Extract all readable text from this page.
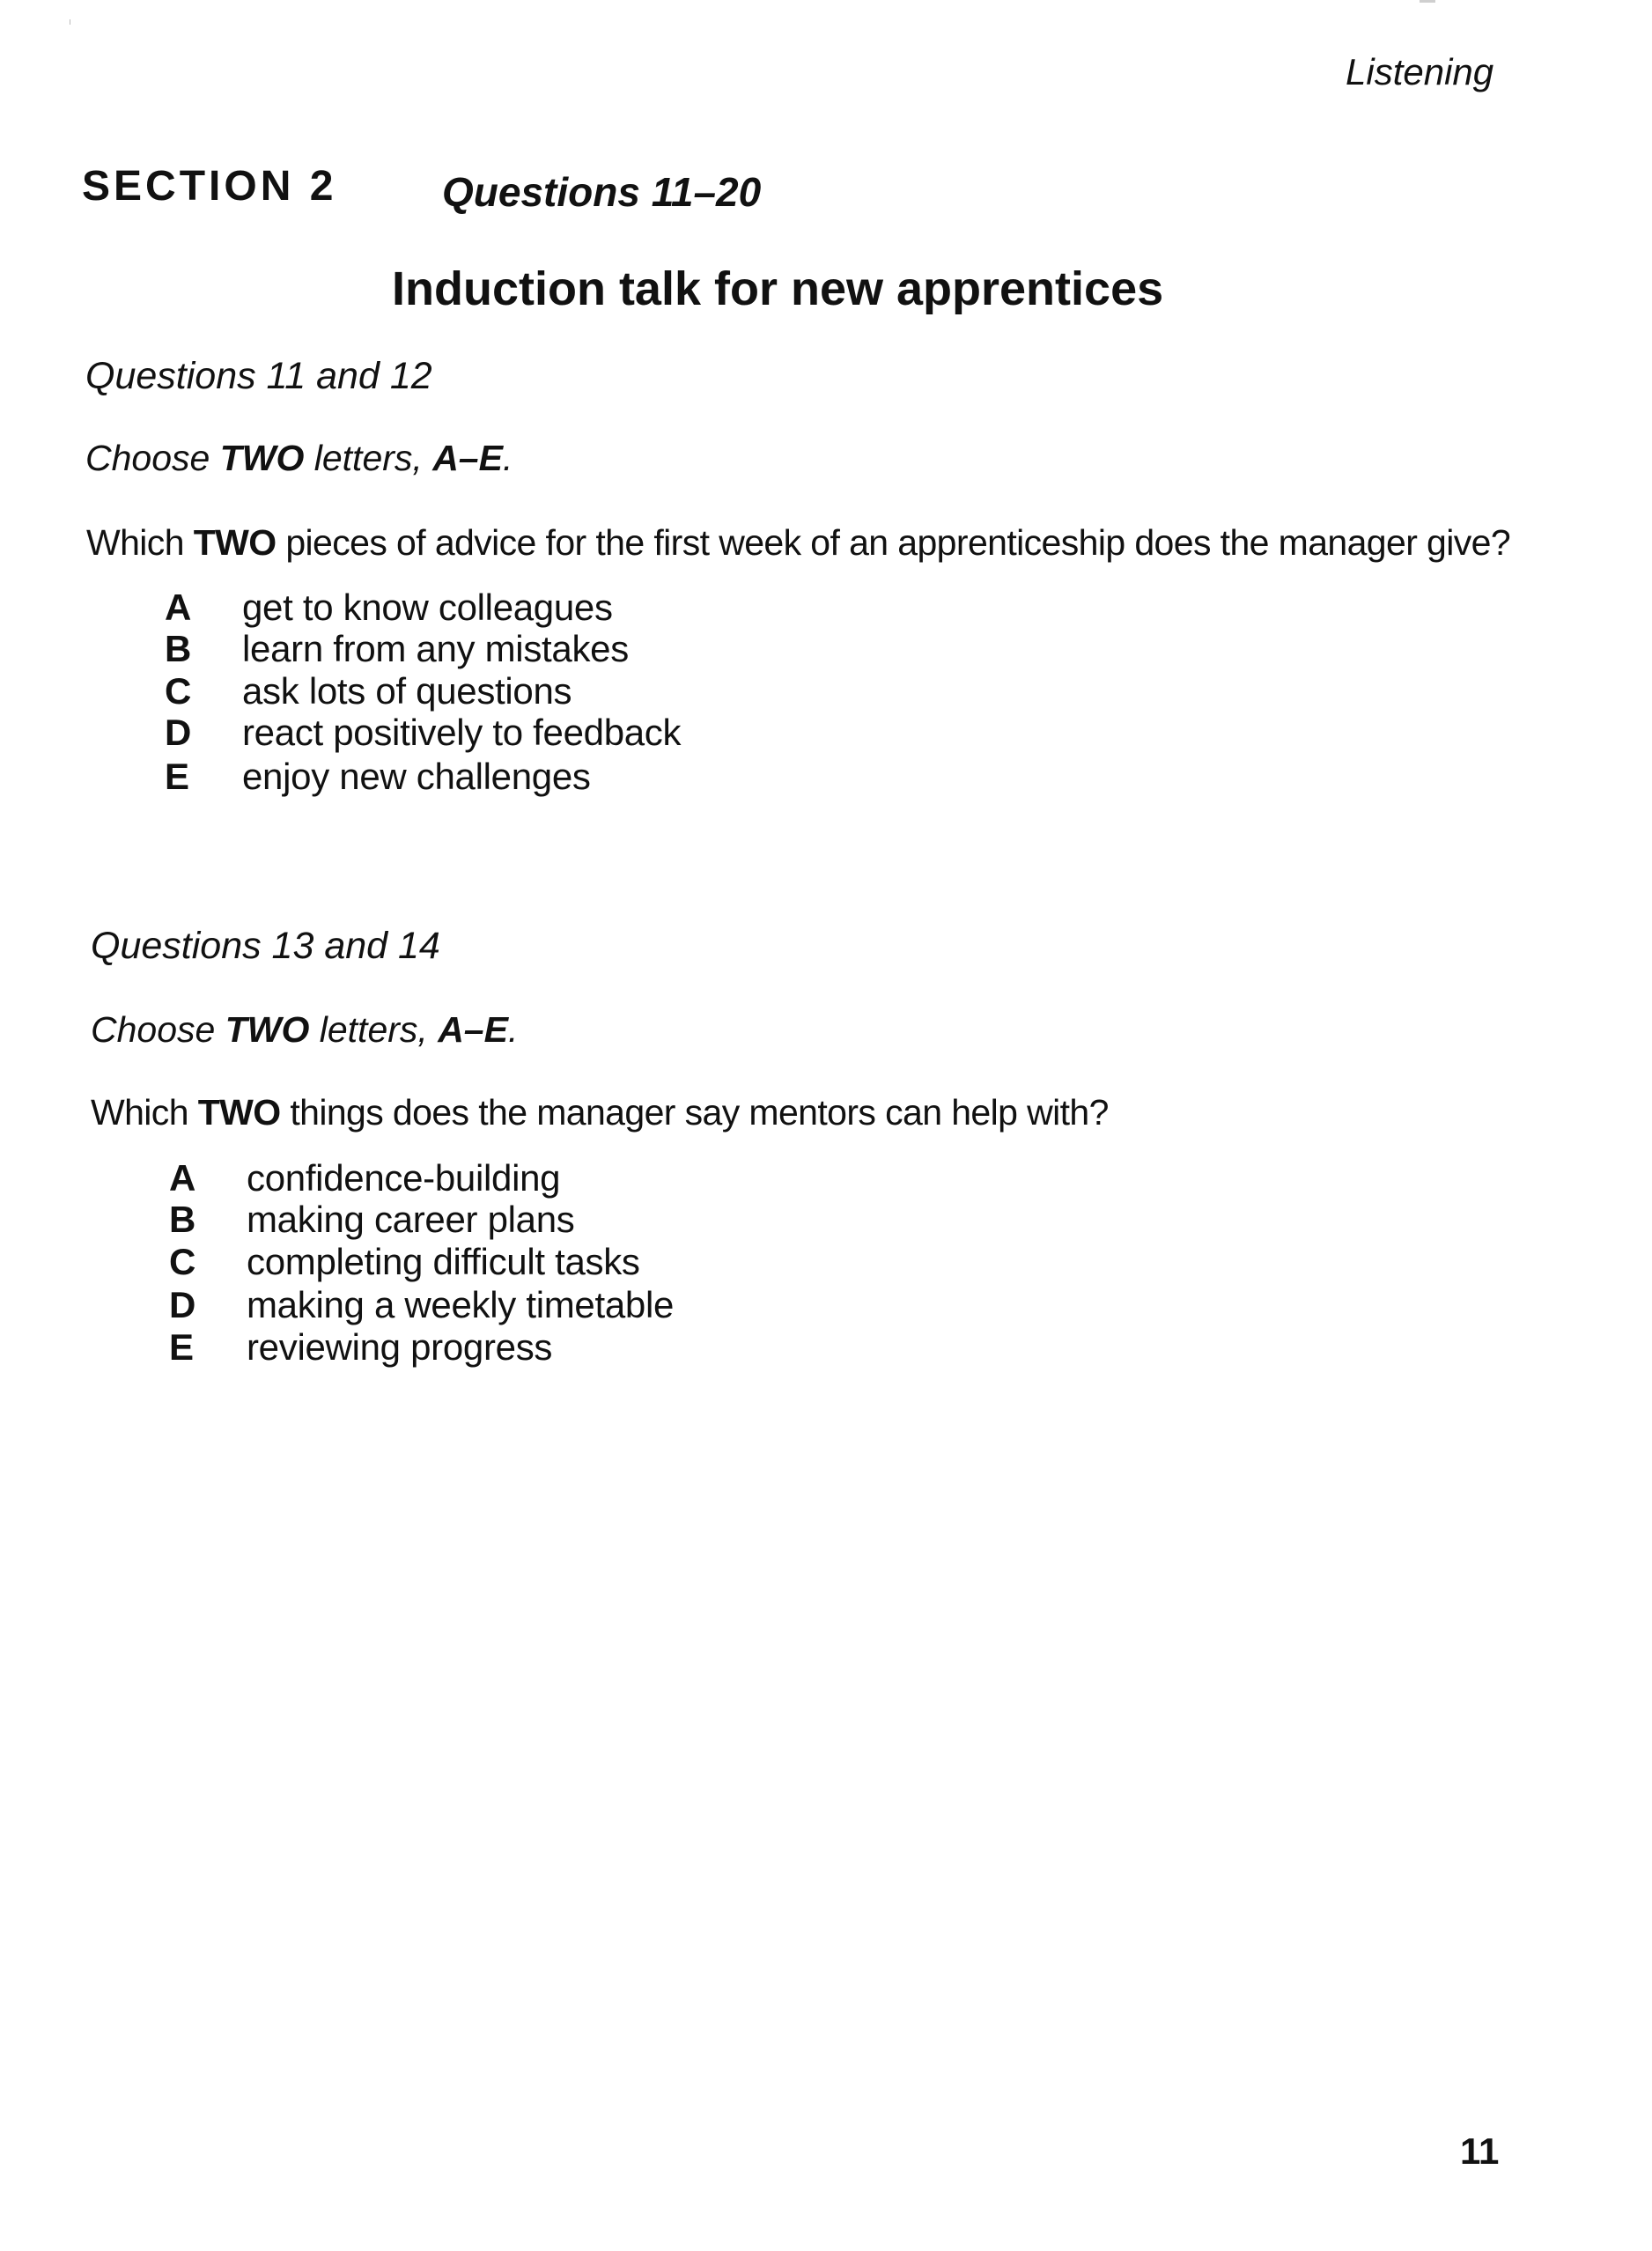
Listening
SECTION 2	Questions 11–20
Induction talk for new apprentices
Questions 11 and 12
Choose TWO letters, A–E.
Which TWO pieces of advice for the first week of an apprenticeship does the manager give?
A get to know colleagues
B learn from any mistakes
C ask lots of questions
D react positively to feedback
E enjoy new challenges
Questions 13 and 14
Choose TWO letters, A–E.
Which TWO things does the manager say mentors can help with?
A confidence-building
B making career plans
C completing difficult tasks
D making a weekly timetable
E reviewing progress
11
